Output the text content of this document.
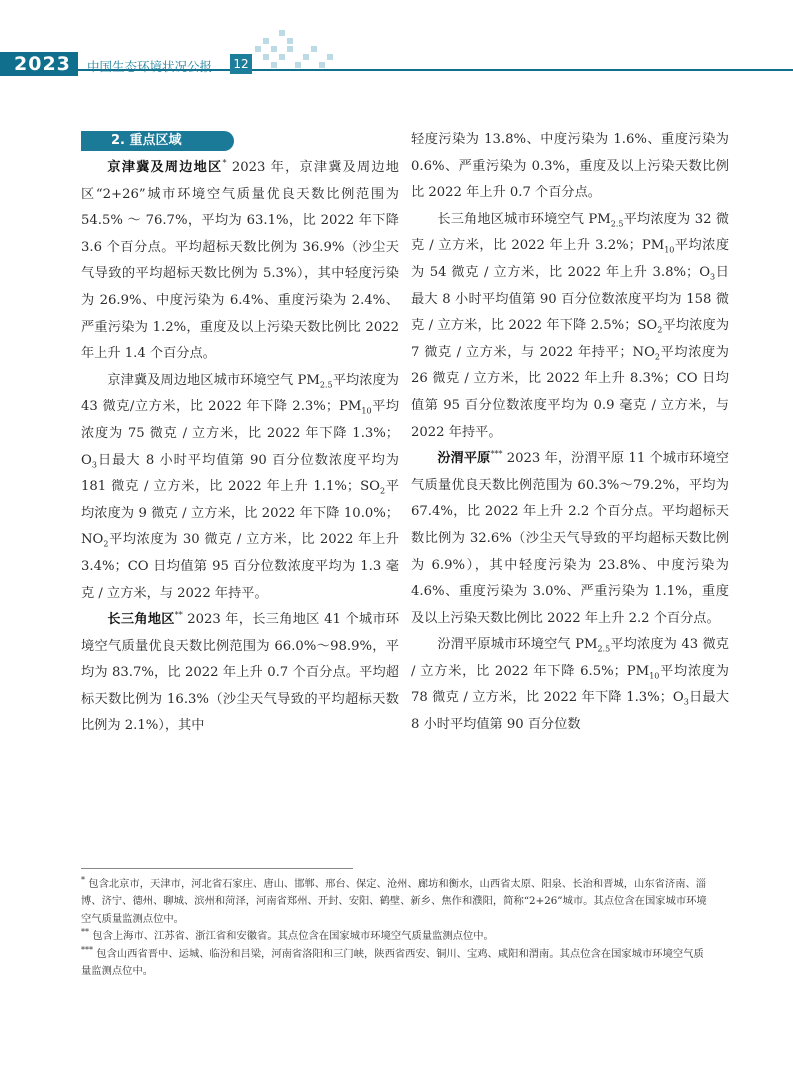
2023 中国生态环境状况公报 12
2. 重点区域

京津冀及周边地区* 2023 年，京津冀及周边地区“2+26”城市环境空气质量优良天数比例范围为 54.5% ～ 76.7%，平均为 63.1%，比 2022 年下降 3.6 个百分点。平均超标天数比例为 36.9%（沙尘天气导致的平均超标天数比例为 5.3%），其中轻度污染为 26.9%、中度污染为 6.4%、重度污染为 2.4%、严重污染为 1.2%，重度及以上污染天数比例比 2022 年上升 1.4 个百分点。

京津冀及周边地区城市环境空气 $PM_{2.5}$平均浓度为 43 微克/立方米，比 2022 年下降 2.3%；$PM_{10}$平均浓度为 75 微克 / 立方米，比 2022 年下降 1.3%；$O_3$日最大 8 小时平均值第 90 百分位数浓度平均为 181 微克 / 立方米，比 2022 年上升 1.1%；$SO_2$平均浓度为 9 微克 / 立方米，比 2022 年下降 10.0%；$NO_2$平均浓度为 30 微克 / 立方米，比 2022 年上升 3.4%；CO 日均值第 95 百分位数浓度平均为 1.3 毫克 / 立方米，与 2022 年持平。

长三角地区** 2023 年，长三角地区 41 个城市环境空气质量优良天数比例范围为 66.0%～98.9%，平均为 83.7%，比 2022 年上升 0.7 个百分点。平均超标天数比例为 16.3%（沙尘天气导致的平均超标天数比例为 2.1%），其中

轻度污染为 13.8%、中度污染为 1.6%、重度污染为 0.6%、严重污染为 0.3%，重度及以上污染天数比例比 2022 年上升 0.7 个百分点。

长三角地区城市环境空气 $PM_{2.5}$平均浓度为 32 微克 / 立方米，比 2022 年上升 3.2%；$PM_{10}$平均浓度为 54 微克 / 立方米，比 2022 年上升 3.8%；$O_3$日最大 8 小时平均值第 90 百分位数浓度平均为 158 微克 / 立方米，比 2022 年下降 2.5%；$SO_2$平均浓度为 7 微克 / 立方米，与 2022 年持平；$NO_2$平均浓度为 26 微克 / 立方米，比 2022 年上升 8.3%；CO 日均值第 95 百分位数浓度平均为 0.9 毫克 / 立方米，与 2022 年持平。

汾渭平原*** 2023 年，汾渭平原 11 个城市环境空气质量优良天数比例范围为 60.3%～79.2%，平均为 67.4%，比 2022 年上升 2.2 个百分点。平均超标天数比例为 32.6%（沙尘天气导致的平均超标天数比例为 6.9%），其中轻度污染为 23.8%、中度污染为 4.6%、重度污染为 3.0%、严重污染为 1.1%，重度及以上污染天数比例比 2022 年上升 2.2 个百分点。

汾渭平原城市环境空气 $PM_{2.5}$平均浓度为 43 微克 / 立方米，比 2022 年下降 6.5%；$PM_{10}$平均浓度为 78 微克 / 立方米，比 2022 年下降 1.3%；$O_3$日最大 8 小时平均值第 90 百分位数

* 包含北京市，天津市，河北省石家庄、唐山、邯郸、邢台、保定、沧州、廊坊和衡水，山西省太原、阳泉、长治和晋城，山东省济南、淄博、济宁、德州、聊城、滨州和菏泽，河南省郑州、开封、安阳、鹤壁、新乡、焦作和濮阳，简称“2+26”城市。其点位含在国家城市环境空气质量监测点位中。

** 包含上海市、江苏省、浙江省和安徽省。其点位含在国家城市环境空气质量监测点位中。

*** 包含山西省晋中、运城、临汾和吕梁，河南省洛阳和三门峡，陕西省西安、铜川、宝鸡、咸阳和渭南。其点位含在国家城市环境空气质量监测点位中。
